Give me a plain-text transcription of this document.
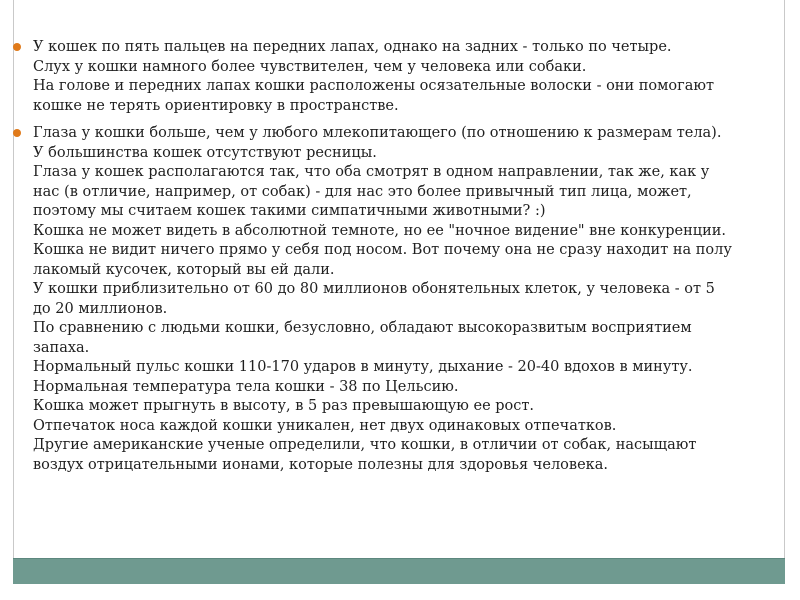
У кошек по пять пальцев на передних лапах, однако на задних - только по четыре.
Слух у кошки намного более чувствителен, чем у человека или собаки.
На голове и передних лапах кошки расположены осязательные волоски - они помогают
кошке не терять ориентировку в пространстве.
Глаза у кошки больше, чем у любого млекопитающего (по отношению к размерам тела).
У большинства кошек отсутствуют ресницы.
Глаза у кошек располагаются так, что оба смотрят в одном направлении, так же, как у
нас (в отличие, например, от собак) - для нас это более привычный тип лица, может,
поэтому мы считаем кошек такими симпатичными животными? :)
Кошка не может видеть в абсолютной темноте, но ее "ночное видение" вне конкуренции.
Кошка не видит ничего прямо у себя под носом. Вот почему она не сразу находит на полу
лакомый кусочек, который вы ей дали.
У кошки приблизительно от 60 до 80 миллионов обонятельных клеток, у человека - от 5
до 20 миллионов.
По сравнению с людьми кошки, безусловно, обладают высокоразвитым восприятием
запаха.
Нормальный пульс кошки 110-170 ударов в минуту, дыхание - 20-40 вдохов в минуту.
Нормальная температура тела кошки - 38 по Цельсию.
Кошка может прыгнуть в высоту, в 5 раз превышающую ее рост.
Отпечаток носа каждой кошки уникален, нет двух одинаковых отпечатков.
Другие американские ученые определили, что кошки, в отличии от собак, насыщают
воздух отрицательными ионами, которые полезны для здоровья человека.
